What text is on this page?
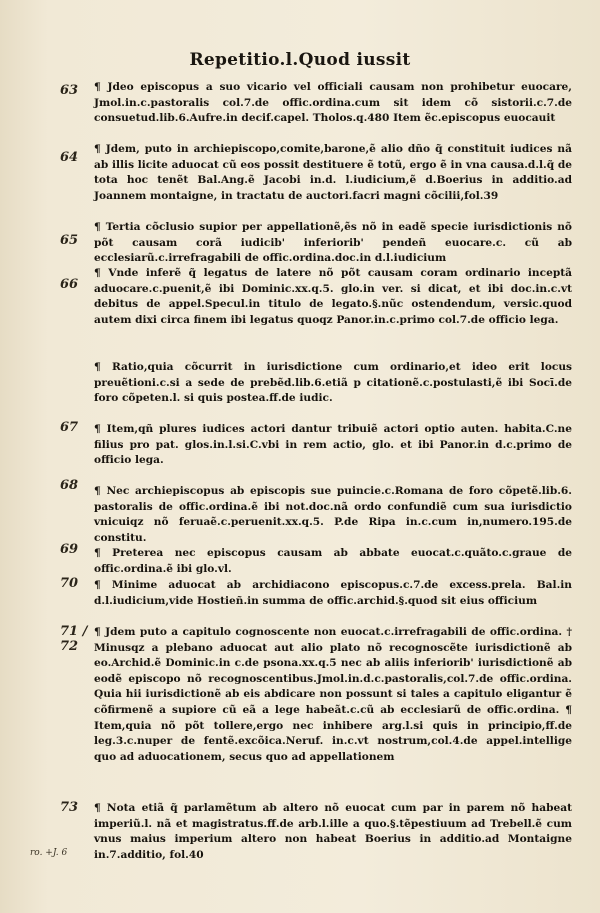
Repetitio.l.Quod iussit
63
64
65
66
67
68
69
70
71 / 72
73

¶ Jdeo episcopus a suo vicario vel officiali causam non prohibetur euocare, Jmol.in.c.pastoralis col.7.de offic.ordina.cum sit idem cõ sistorii.c.7.de consuetud.lib.6.Aufre.in decif.capel. Tholos.q.480 Item ẽc.episcopus euocauit

¶ Jdem, puto in archiepiscopo,comite,barone,ẽ alio dño q̃ constituit iudices nã ab illis licite aduocat cũ eos possit destituere ẽ totũ, ergo ẽ in vna causa.d.l.q̃ de tota hoc tenẽt Bal.Ang.ẽ Jacobi in.d. l.iudicium,ẽ d.Boerius in additio.ad Joannem montaigne, in tractatu de auctori.facri magni cõcilii,fol.39

¶ Tertia cõclusio supior per appellationẽ,ẽs nõ in eadẽ specie iurisdictionis nõ põt causam corã iudicib' inferiorib' pendeñ euocare.c. cũ ab ecclesiarũ.c.irrefragabili de offic.ordina.doc.in d.l.iudicium

¶ Vnde inferẽ q̃ legatus de latere nõ põt causam coram ordinario inceptã aduocare.c.puenit,ẽ ibi Dominic.xx.q.5. glo.in ver. si dicat, et ibi doc.in.c.vt debitus de appel.Specul.in titulo de legato.§.nũc ostendendum, versic.quod autem dixi circa finem ibi legatus quoqz Panor.in.c.primo col.7.de officio lega.

¶ Ratio,quia cõcurrit in iurisdictione cum ordinario,et ideo erit locus preuẽtioni.c.si a sede de prebẽd.lib.6.etiã p citationẽ.c.postulasti,ẽ ibi Socī.de foro cõpeten.l. si quis postea.ff.de iudic.

¶ Item,qñ plures iudices actori dantur tribuiẽ actori optio auten. habita.C.ne filius pro pat. glos.in.l.si.C.vbi in rem actio, glo. et ibi Panor.in d.c.primo de officio lega.

¶ Nec archiepiscopus ab episcopis sue puincie.c.Romana de foro cõpetẽ.lib.6. pastoralis de offic.ordina.ẽ ibi not.doc.nã ordo confundiẽ cum sua iurisdictio vnicuiqz nõ feruaẽ.c.peruenit.xx.q.5. P.de Ripa in.c.cum in,numero.195.de constitu.

¶ Preterea nec episcopus causam ab abbate euocat.c.quãto.c.graue de offic.ordina.ẽ ibi glo.vl.

¶ Minime aduocat ab archidiacono episcopus.c.7.de excess.prela. Bal.in d.l.iudicium,vide Hostieñ.in summa de offic.archid.§.quod sit eius officium

¶ Jdem puto a capitulo cognoscente non euocat.c.irrefragabili de offic.ordina. † Minusqz a plebano aduocat aut alio plato nõ recognoscẽte iurisdictionẽ ab eo.Archid.ẽ Dominic.in c.de psona.xx.q.5 nec ab aliis inferiorib' iurisdictionẽ ab eodẽ episcopo nõ recognoscentibus.Jmol.in.d.c.pastoralis,col.7.de offic.ordina. Quia hii iurisdictionẽ ab eis abdicare non possunt si tales a capitulo eligantur ẽ cõfirmenẽ a supiore cũ eã a lege habeãt.c.cũ ab ecclesiarũ de offic.ordina. ¶ Item,quia nõ põt tollere,ergo nec inhibere arg.l.si quis in principio,ff.de leg.3.c.nuper de fentẽ.excõica.Neruf. in.c.vt nostrum,col.4.de appel.intellige quo ad aduocationem, secus quo ad appellationem

¶ Nota etiã q̃ parlamẽtum ab altero nõ euocat cum par in parem nõ habeat imperiũ.l. nã et magistratus.ff.de arb.l.ille a quo.§.tẽpestiuum ad Trebell.ẽ cum vnus maius imperium altero non habeat Boerius in additio.ad Montaigne in.7.additio, fol.40

ro. +J. 6
